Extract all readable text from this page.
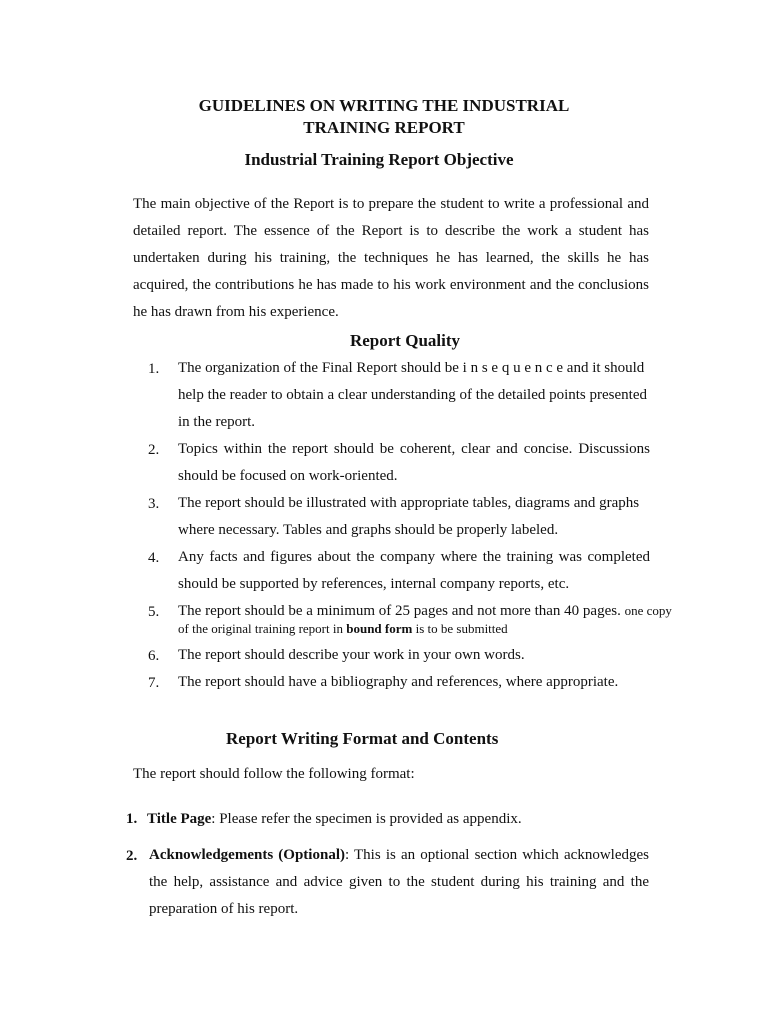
GUIDELINES ON WRITING THE INDUSTRIAL
TRAINING REPORT
Industrial Training Report Objective
The main objective of the Report is to prepare the student to write a professional and detailed report. The essence of the Report is to describe the work a student has undertaken during his training, the techniques he has learned, the skills he has acquired, the contributions he has made to his work environment and the conclusions he has drawn from his experience.
Report Quality
1. The organization of the Final Report should be i n s e q u e n c e and it should help the reader to obtain a clear understanding of the detailed points presented in the report.
2. Topics within the report should be coherent, clear and concise. Discussions should be focused on work-oriented.
3. The report should be illustrated with appropriate tables, diagrams and graphs where necessary. Tables and graphs should be properly labeled.
4. Any facts and figures about the company where the training was completed should be supported by references, internal company reports, etc.
5. The report should be a minimum of 25 pages and not more than 40 pages. one copy
of the original training report in bound form is to be submitted
6. The report should describe your work in your own words.
7. The report should have a bibliography and references, where appropriate.
Report Writing Format and Contents
The report should follow the following format:
1. Title Page: Please refer the specimen is provided as appendix.
2. Acknowledgements (Optional): This is an optional section which acknowledges the help, assistance and advice given to the student during his training and the preparation of his report.
